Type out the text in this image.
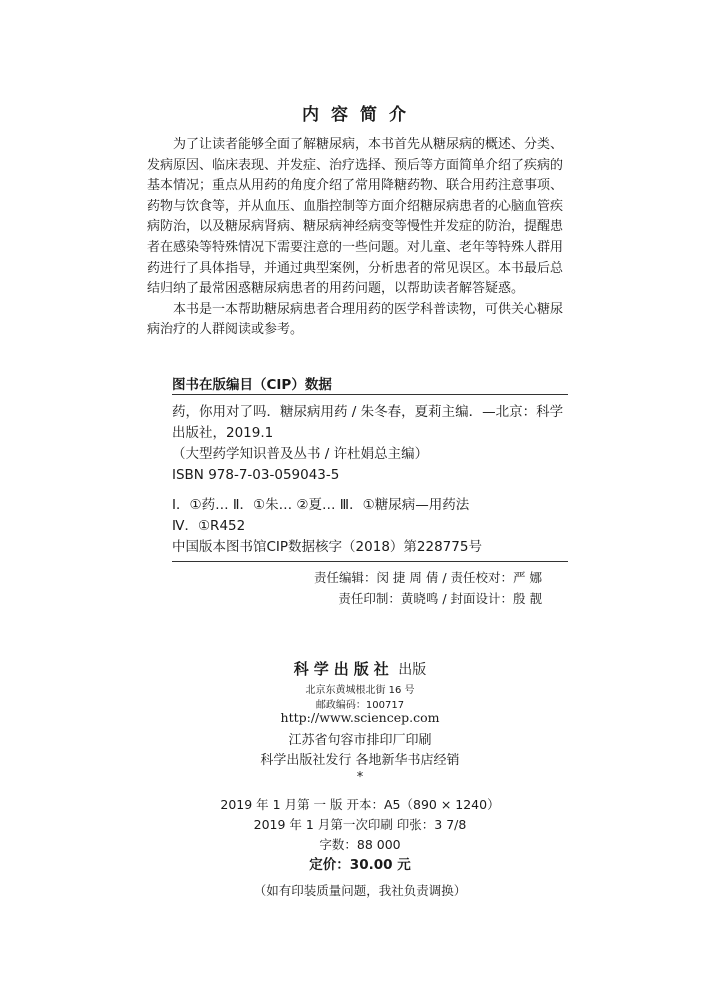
内容简介

为了让读者能够全面了解糖尿病，本书首先从糖尿病的概述、分类、发病原因、临床表现、并发症、治疗选择、预后等方面简单介绍了疾病的基本情况；重点从用药的角度介绍了常用降糖药物、联合用药注意事项、药物与饮食等，并从血压、血脂控制等方面介绍糖尿病患者的心脑血管疾病防治，以及糖尿病肾病、糖尿病神经病变等慢性并发症的防治，提醒患者在感染等特殊情况下需要注意的一些问题。对儿童、老年等特殊人群用药进行了具体指导，并通过典型案例，分析患者的常见误区。本书最后总结归纳了最常困惑糖尿病患者的用药问题，以帮助读者解答疑惑。

本书是一本帮助糖尿病患者合理用药的医学科普读物，可供关心糖尿病治疗的人群阅读或参考。

图书在版编目（CIP）数据
药，你用对了吗．糖尿病用药 / 朱冬春，夏莉主编．—北京：科学
出版社，2019.1
（大型药学知识普及丛书 / 许杜娟总主编）
ISBN 978-7-03-059043-5
Ⅰ．①药… Ⅱ．①朱… ②夏… Ⅲ．①糖尿病—用药法
Ⅳ．①R452
中国版本图书馆CIP数据核字（2018）第228775号
责任编辑：闵 捷 周 倩 / 责任校对：严 娜
责任印制：黄晓鸣 / 封面设计：殷 靓
科学出版社 出版
北京东黄城根北街 16 号
邮政编码：100717
http://www.sciencep.com
江苏省句容市排印厂印刷
科学出版社发行 各地新华书店经销
*
2019 年 1 月第 一 版 开本：A5（890 × 1240）
2019 年 1 月第一次印刷 印张：3 7/8
字数：88 000
定价：30.00 元
（如有印装质量问题，我社负责调换）
